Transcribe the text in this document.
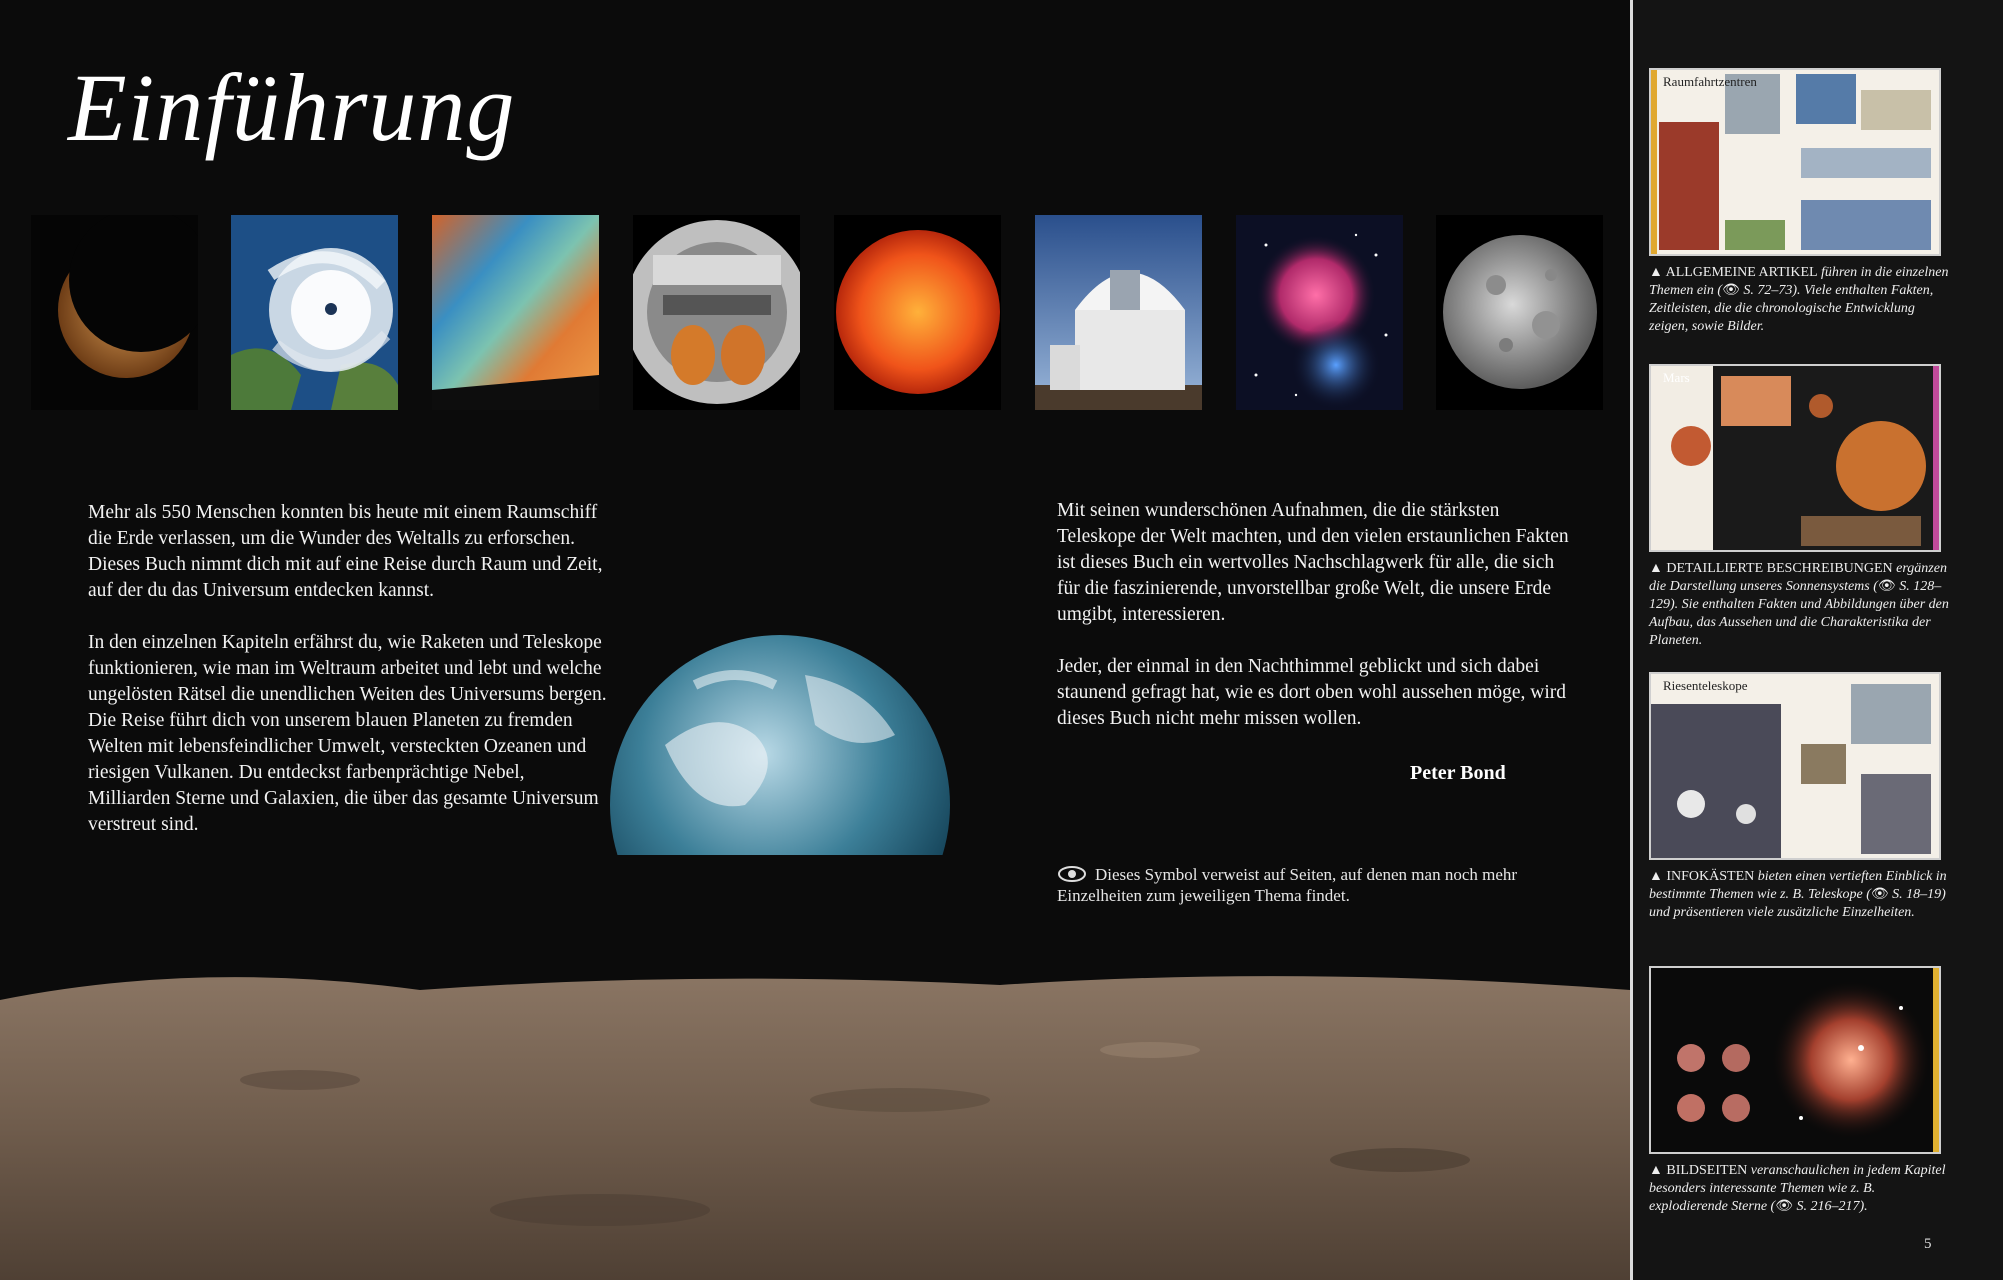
Einführung

Mehr als 550 Menschen konnten bis heute mit einem Raumschiff die Erde verlassen, um die Wunder des Weltalls zu erforschen. Dieses Buch nimmt dich mit auf eine Reise durch Raum und Zeit, auf der du das Universum entdecken kannst.

In den einzelnen Kapiteln erfährst du, wie Raketen und Teleskope funktionieren, wie man im Weltraum arbeitet und lebt und welche ungelösten Rätsel die unendlichen Weiten des Universums bergen. Die Reise führt dich von unserem blauen Planeten zu fremden Welten mit lebensfeindlicher Umwelt, versteckten Ozeanen und riesigen Vulkanen. Du entdeckst farbenprächtige Nebel, Milliarden Sterne und Galaxien, die über das gesamte Universum verstreut sind.

Mit seinen wunderschönen Aufnahmen, die die stärksten Teleskope der Welt machten, und den vielen erstaunlichen Fakten ist dieses Buch ein wertvolles Nachschlagwerk für alle, die sich für die faszinierende, unvorstellbar große Welt, die unsere Erde umgibt, interessieren.

Jeder, der einmal in den Nachthimmel geblickt und sich dabei staunend gefragt hat, wie es dort oben wohl aussehen möge, wird dieses Buch nicht mehr missen wollen.

Peter Bond
Dieses Symbol verweist auf Seiten, auf denen man noch mehr Einzelheiten zum jeweiligen Thema findet.
Raumfahrtzentren
▲ ALLGEMEINE ARTIKEL führen in die einzelnen Themen ein (👁 S. 72–73). Viele enthalten Fakten, Zeitleisten, die die chronologische Entwicklung zeigen, sowie Bilder.
Mars
▲ DETAILLIERTE BESCHREIBUNGEN ergänzen die Darstellung unseres Sonnensystems (👁 S. 128–129). Sie enthalten Fakten und Abbildungen über den Aufbau, das Aussehen und die Charakteristika der Planeten.
Riesenteleskope
▲ INFOKÄSTEN bieten einen vertieften Einblick in bestimmte Themen wie z. B. Teleskope (👁 S. 18–19) und präsentieren viele zusätzliche Einzelheiten.
▲ BILDSEITEN veranschaulichen in jedem Kapitel besonders interessante Themen wie z. B. explodierende Sterne (👁 S. 216–217).
5
